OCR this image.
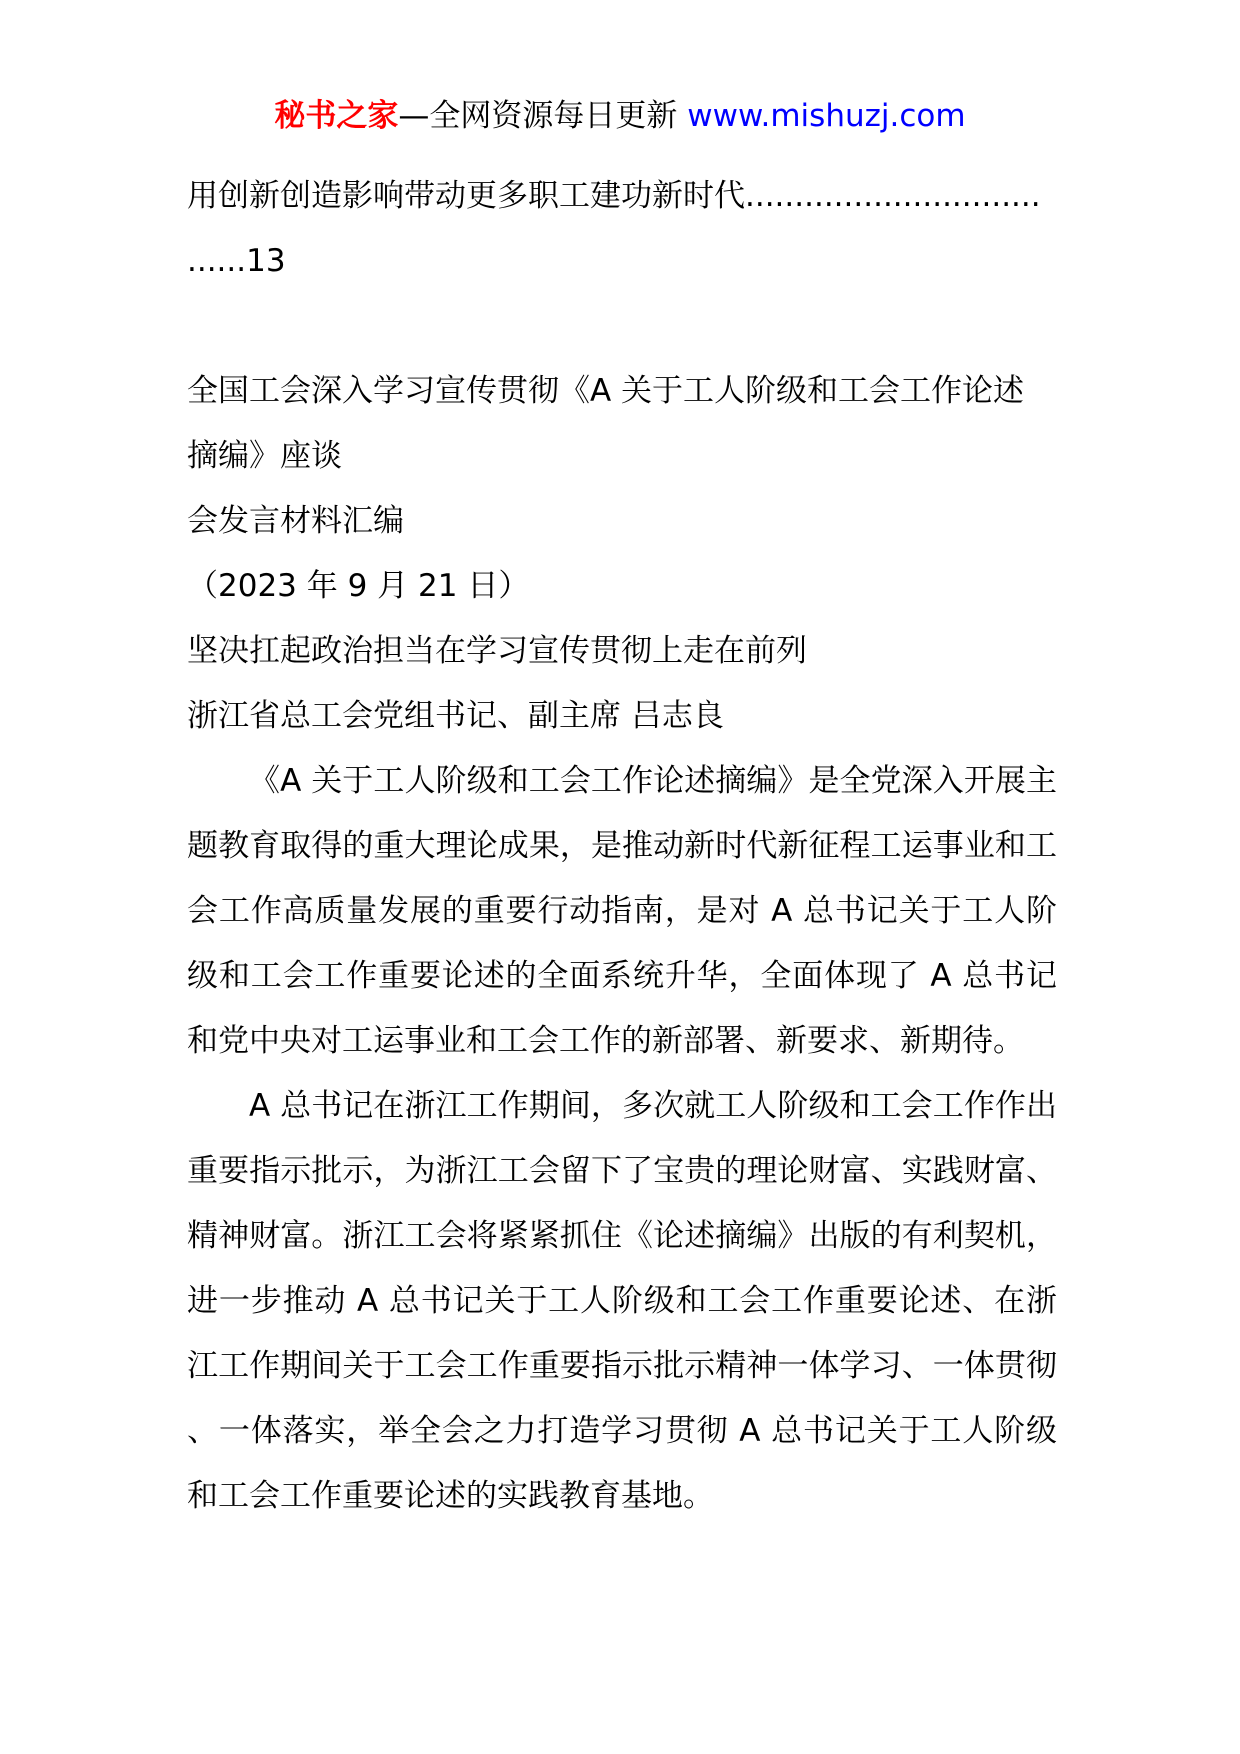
秘书之家—全网资源每日更新 www.mishuzj.com
用创新创造影响带动更多职工建功新时代..............................
......13
全国工会深入学习宣传贯彻《A 关于工人阶级和工会工作论述
摘编》座谈
会发言材料汇编
（2023 年 9 月 21 日）
坚决扛起政治担当在学习宣传贯彻上走在前列
浙江省总工会党组书记、副主席 吕志良

《A 关于工人阶级和工会工作论述摘编》是全党深入开展主题教育取得的重大理论成果，是推动新时代新征程工运事业和工会工作高质量发展的重要行动指南，是对 A 总书记关于工人阶级和工会工作重要论述的全面系统升华，全面体现了 A 总书记和党中央对工运事业和工会工作的新部署、新要求、新期待。

A 总书记在浙江工作期间，多次就工人阶级和工会工作作出重要指示批示，为浙江工会留下了宝贵的理论财富、实践财富、精神财富。浙江工会将紧紧抓住《论述摘编》出版的有利契机，进一步推动 A 总书记关于工人阶级和工会工作重要论述、在浙江工作期间关于工会工作重要指示批示精神一体学习、一体贯彻、一体落实，举全会之力打造学习贯彻 A 总书记关于工人阶级和工会工作重要论述的实践教育基地。
